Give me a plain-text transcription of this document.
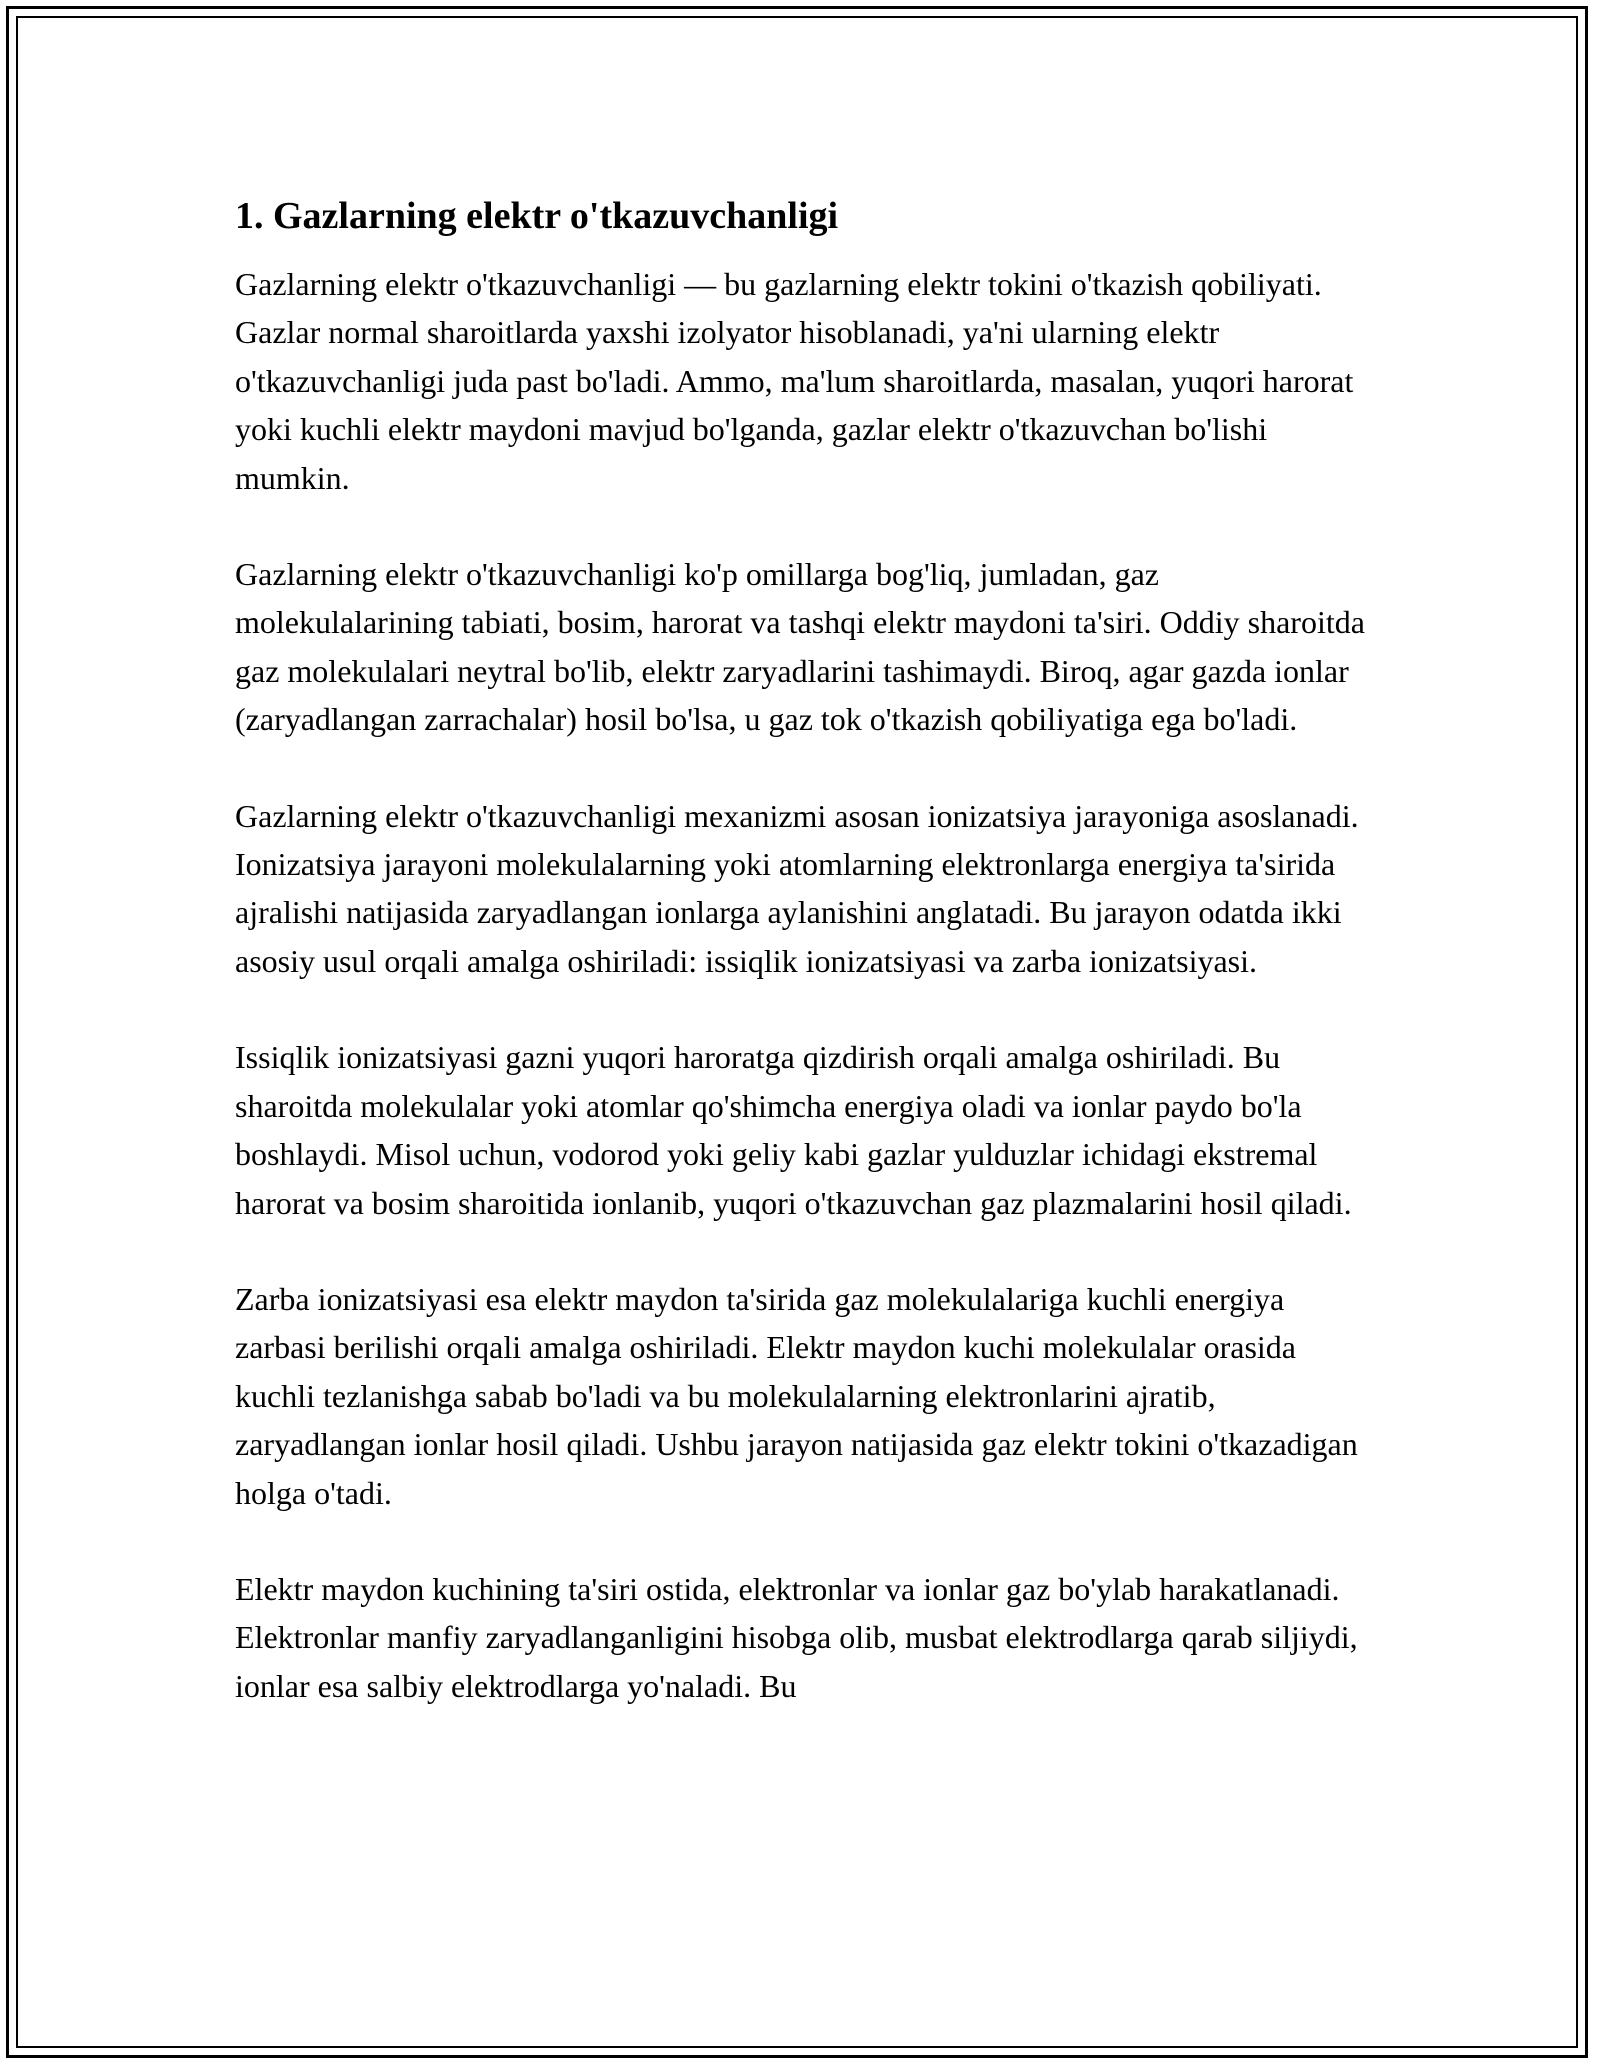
1. Gazlarning elektr o'tkazuvchanligi

Gazlarning elektr o'tkazuvchanligi — bu gazlarning elektr tokini o'tkazish qobiliyati. Gazlar normal sharoitlarda yaxshi izolyator hisoblanadi, ya'ni ularning elektr o'tkazuvchanligi juda past bo'ladi. Ammo, ma'lum sharoitlarda, masalan, yuqori harorat yoki kuchli elektr maydoni mavjud bo'lganda, gazlar elektr o'tkazuvchan bo'lishi mumkin.

Gazlarning elektr o'tkazuvchanligi ko'p omillarga bog'liq, jumladan, gaz molekulalarining tabiati, bosim, harorat va tashqi elektr maydoni ta'siri. Oddiy sharoitda gaz molekulalari neytral bo'lib, elektr zaryadlarini tashimaydi. Biroq, agar gazda ionlar (zaryadlangan zarrachalar) hosil bo'lsa, u gaz tok o'tkazish qobiliyatiga ega bo'ladi.

Gazlarning elektr o'tkazuvchanligi mexanizmi asosan ionizatsiya jarayoniga asoslanadi. Ionizatsiya jarayoni molekulalarning yoki atomlarning elektronlarga energiya ta'sirida ajralishi natijasida zaryadlangan ionlarga aylanishini anglatadi. Bu jarayon odatda ikki asosiy usul orqali amalga oshiriladi: issiqlik ionizatsiyasi va zarba ionizatsiyasi.

Issiqlik ionizatsiyasi gazni yuqori haroratga qizdirish orqali amalga oshiriladi. Bu sharoitda molekulalar yoki atomlar qo'shimcha energiya oladi va ionlar paydo bo'la boshlaydi. Misol uchun, vodorod yoki geliy kabi gazlar yulduzlar ichidagi ekstremal harorat va bosim sharoitida ionlanib, yuqori o'tkazuvchan gaz plazmalarini hosil qiladi.

Zarba ionizatsiyasi esa elektr maydon ta'sirida gaz molekulalariga kuchli energiya zarbasi berilishi orqali amalga oshiriladi. Elektr maydon kuchi molekulalar orasida kuchli tezlanishga sabab bo'ladi va bu molekulalarning elektronlarini ajratib, zaryadlangan ionlar hosil qiladi. Ushbu jarayon natijasida gaz elektr tokini o'tkazadigan holga o'tadi.

Elektr maydon kuchining ta'siri ostida, elektronlar va ionlar gaz bo'ylab harakatlanadi. Elektronlar manfiy zaryadlanganligini hisobga olib, musbat elektrodlarga qarab siljiydi, ionlar esa salbiy elektrodlarga yo'naladi. Bu
